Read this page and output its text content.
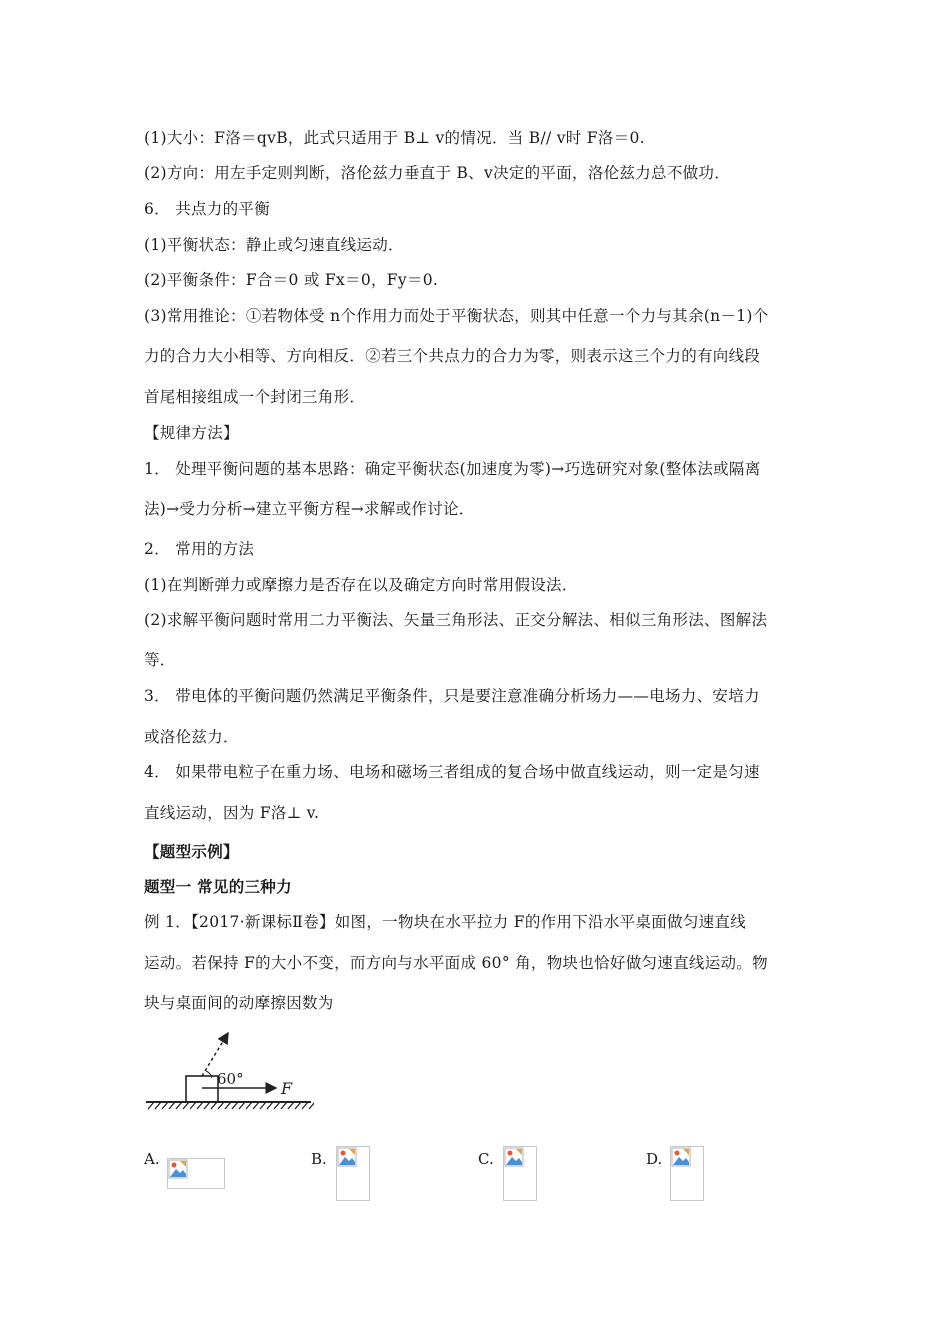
(1)大小：F洛＝qvB，此式只适用于 B⊥ v的情况．当 B// v时 F洛＝0.
(2)方向：用左手定则判断，洛伦兹力垂直于 B、v决定的平面，洛伦兹力总不做功．
6． 共点力的平衡
(1)平衡状态：静止或匀速直线运动．
(2)平衡条件：F合＝0 或 Fx＝0，Fy＝0.
(3)常用推论：①若物体受 n个作用力而处于平衡状态，则其中任意一个力与其余(n－1)个
力的合力大小相等、方向相反．②若三个共点力的合力为零，则表示这三个力的有向线段
首尾相接组成一个封闭三角形．
【规律方法】
1． 处理平衡问题的基本思路：确定平衡状态(加速度为零)→巧选研究对象(整体法或隔离
法)→受力分析→建立平衡方程→求解或作讨论．
2． 常用的方法
(1)在判断弹力或摩擦力是否存在以及确定方向时常用假设法．
(2)求解平衡问题时常用二力平衡法、矢量三角形法、正交分解法、相似三角形法、图解法
等．
3． 带电体的平衡问题仍然满足平衡条件，只是要注意准确分析场力——电场力、安培力
或洛伦兹力．
4． 如果带电粒子在重力场、电场和磁场三者组成的复合场中做直线运动，则一定是匀速
直线运动，因为 F洛⊥ v.
【题型示例】
题型一 常见的三种力
例 1．【2017·新课标Ⅱ卷】如图，一物块在水平拉力 F的作用下沿水平桌面做匀速直线
运动。若保持 F的大小不变，而方向与水平面成 60° 角，物块也恰好做匀速直线运动。物
块与桌面间的动摩擦因数为
60° F
A.	B.	C.	D.
